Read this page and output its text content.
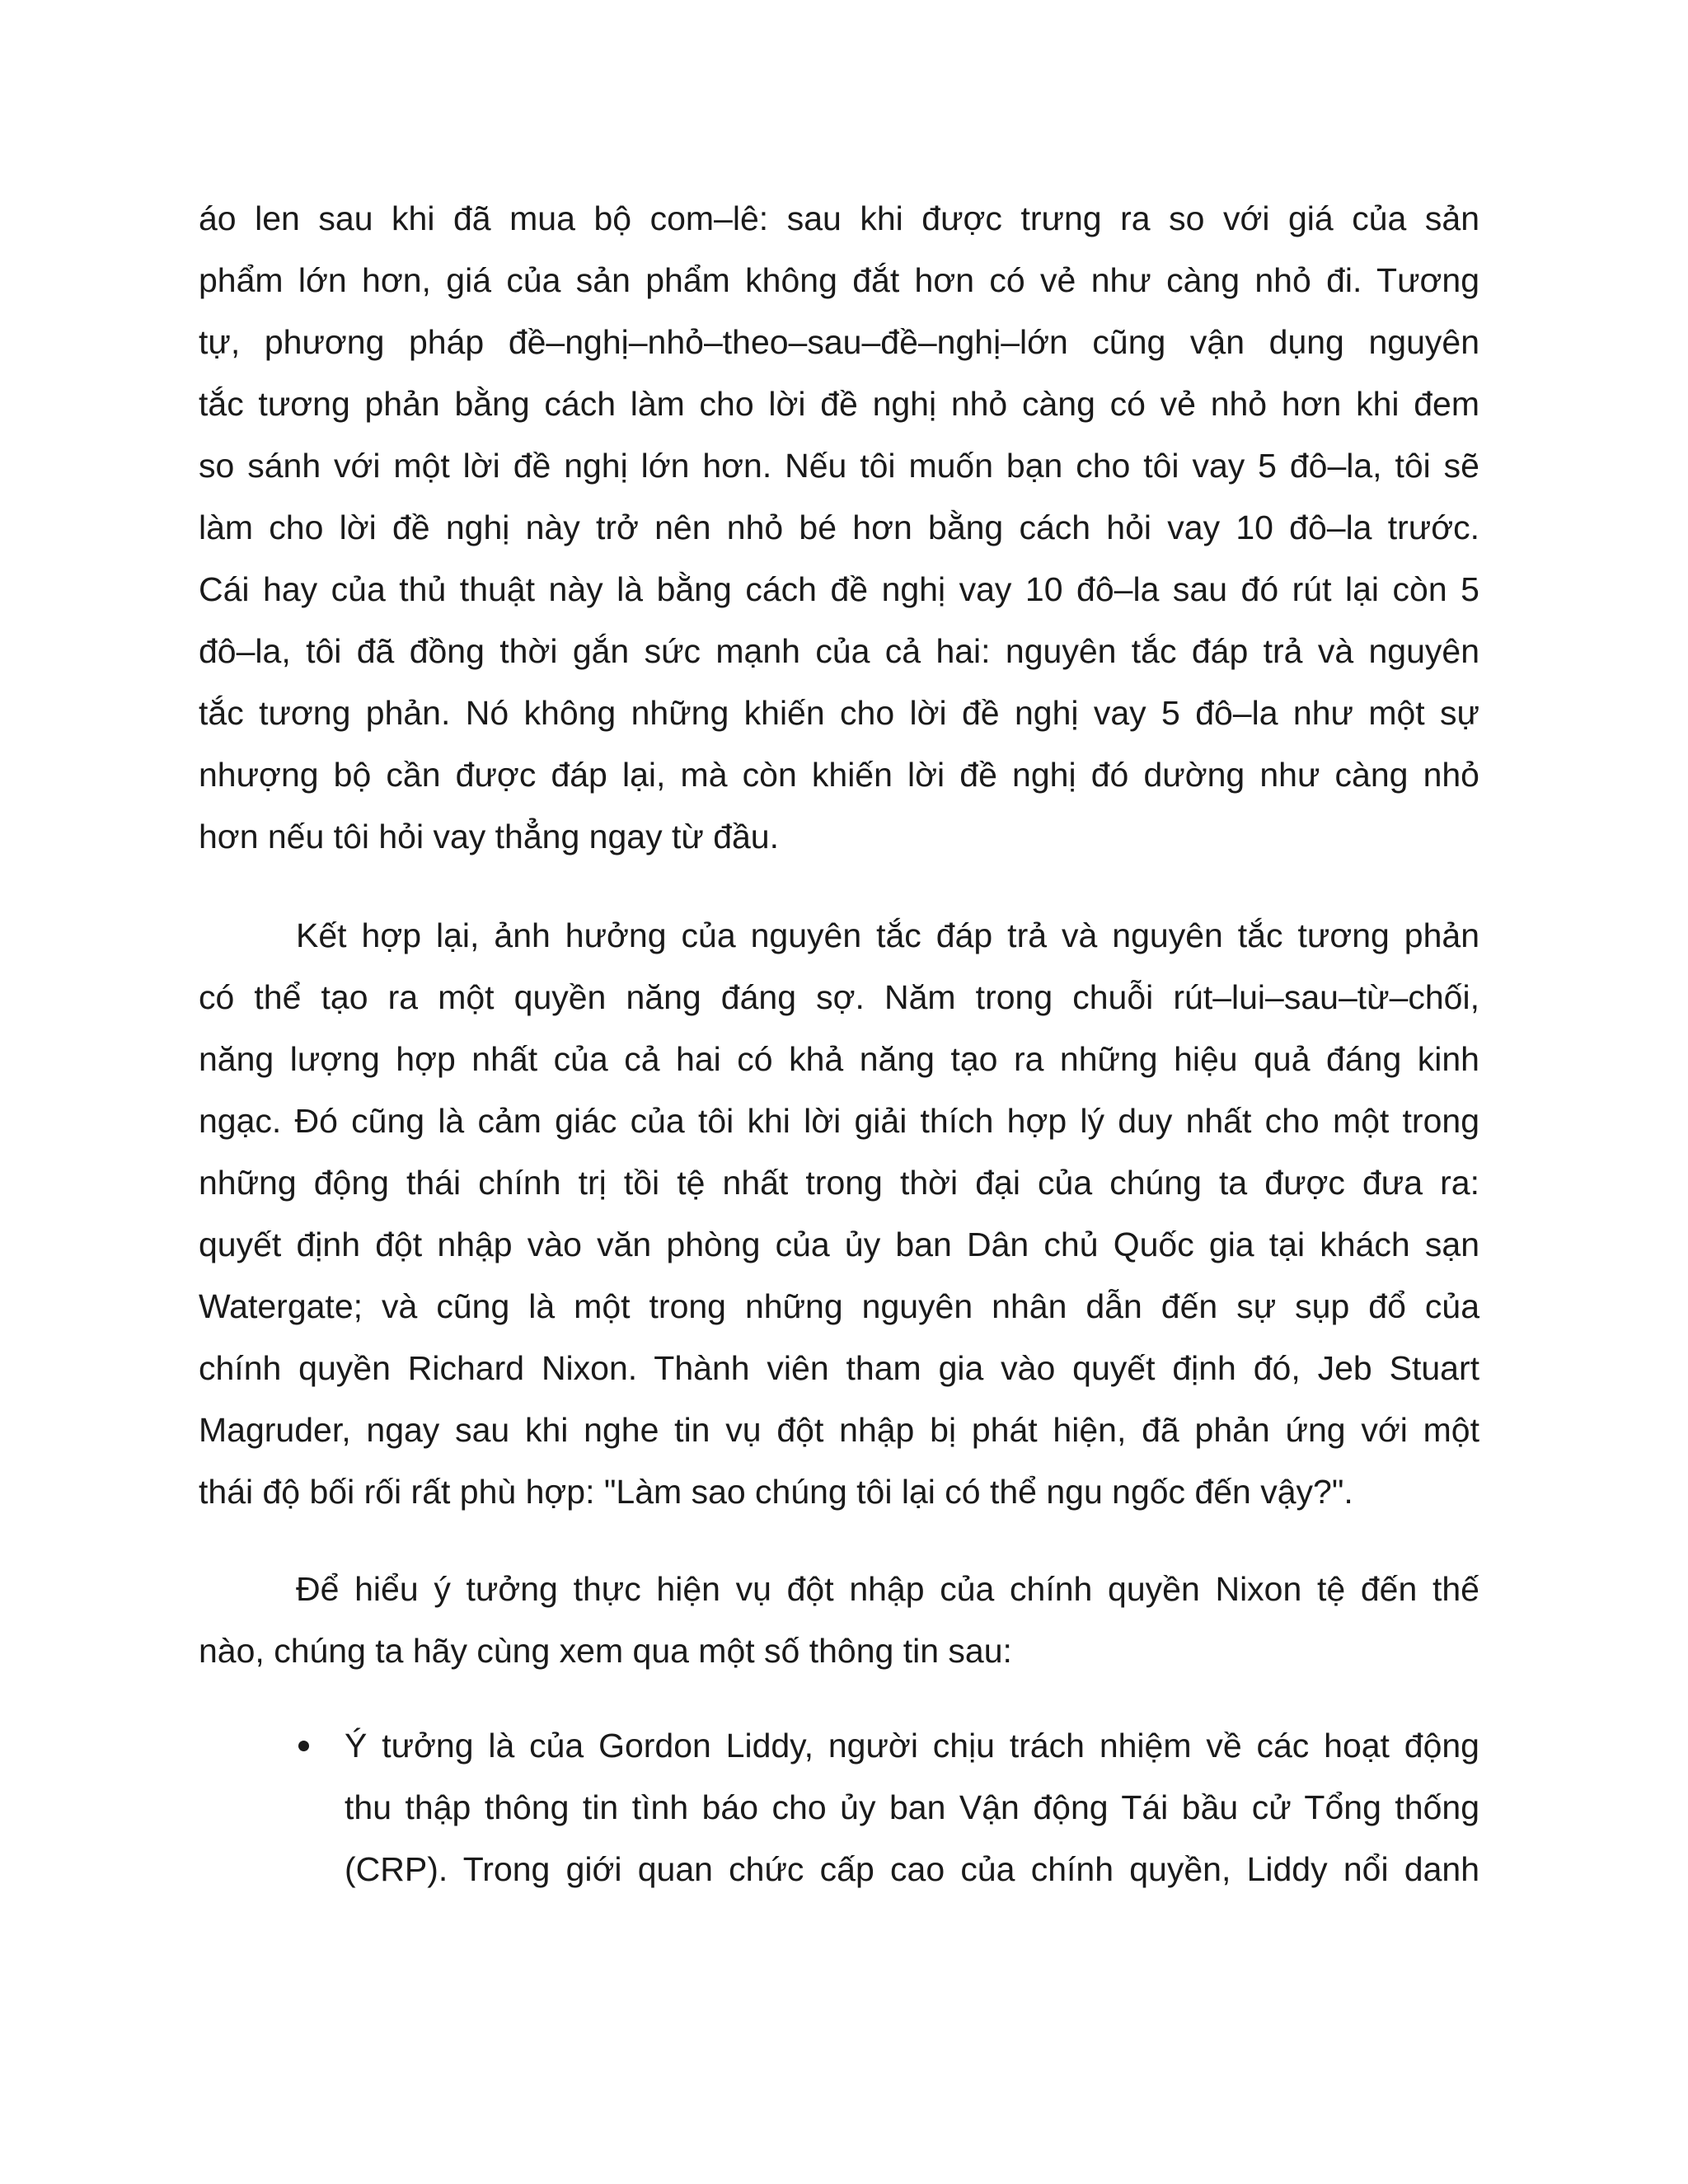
áo len sau khi đã mua bộ com–lê: sau khi được trưng ra so với giá của sản
phẩm lớn hơn, giá của sản phẩm không đắt hơn có vẻ như càng nhỏ đi. Tương
tự, phương pháp đề–nghị–nhỏ–theo–sau–đề–nghị–lớn cũng vận dụng nguyên
tắc tương phản bằng cách làm cho lời đề nghị nhỏ càng có vẻ nhỏ hơn khi đem
so sánh với một lời đề nghị lớn hơn. Nếu tôi muốn bạn cho tôi vay 5 đô–la, tôi sẽ
làm cho lời đề nghị này trở nên nhỏ bé hơn bằng cách hỏi vay 10 đô–la trước.
Cái hay của thủ thuật này là bằng cách đề nghị vay 10 đô–la sau đó rút lại còn 5
đô–la, tôi đã đồng thời gắn sức mạnh của cả hai: nguyên tắc đáp trả và nguyên
tắc tương phản. Nó không những khiến cho lời đề nghị vay 5 đô–la như một sự
nhượng bộ cần được đáp lại, mà còn khiến lời đề nghị đó dường như càng nhỏ
hơn nếu tôi hỏi vay thẳng ngay từ đầu.
Kết hợp lại, ảnh hưởng của nguyên tắc đáp trả và nguyên tắc tương phản
có thể tạo ra một quyền năng đáng sợ. Năm trong chuỗi rút–lui–sau–từ–chối,
năng lượng hợp nhất của cả hai có khả năng tạo ra những hiệu quả đáng kinh
ngạc. Đó cũng là cảm giác của tôi khi lời giải thích hợp lý duy nhất cho một trong
những động thái chính trị tồi tệ nhất trong thời đại của chúng ta được đưa ra:
quyết định đột nhập vào văn phòng của ủy ban Dân chủ Quốc gia tại khách sạn
Watergate; và cũng là một trong những nguyên nhân dẫn đến sự sụp đổ của
chính quyền Richard Nixon. Thành viên tham gia vào quyết định đó, Jeb Stuart
Magruder, ngay sau khi nghe tin vụ đột nhập bị phát hiện, đã phản ứng với một
thái độ bối rối rất phù hợp: "Làm sao chúng tôi lại có thể ngu ngốc đến vậy?".
Để hiểu ý tưởng thực hiện vụ đột nhập của chính quyền Nixon tệ đến thế
nào, chúng ta hãy cùng xem qua một số thông tin sau:
Ý tưởng là của Gordon Liddy, người chịu trách nhiệm về các hoạt động
thu thập thông tin tình báo cho ủy ban Vận động Tái bầu cử Tổng thống
(CRP). Trong giới quan chức cấp cao của chính quyền, Liddy nổi danh
